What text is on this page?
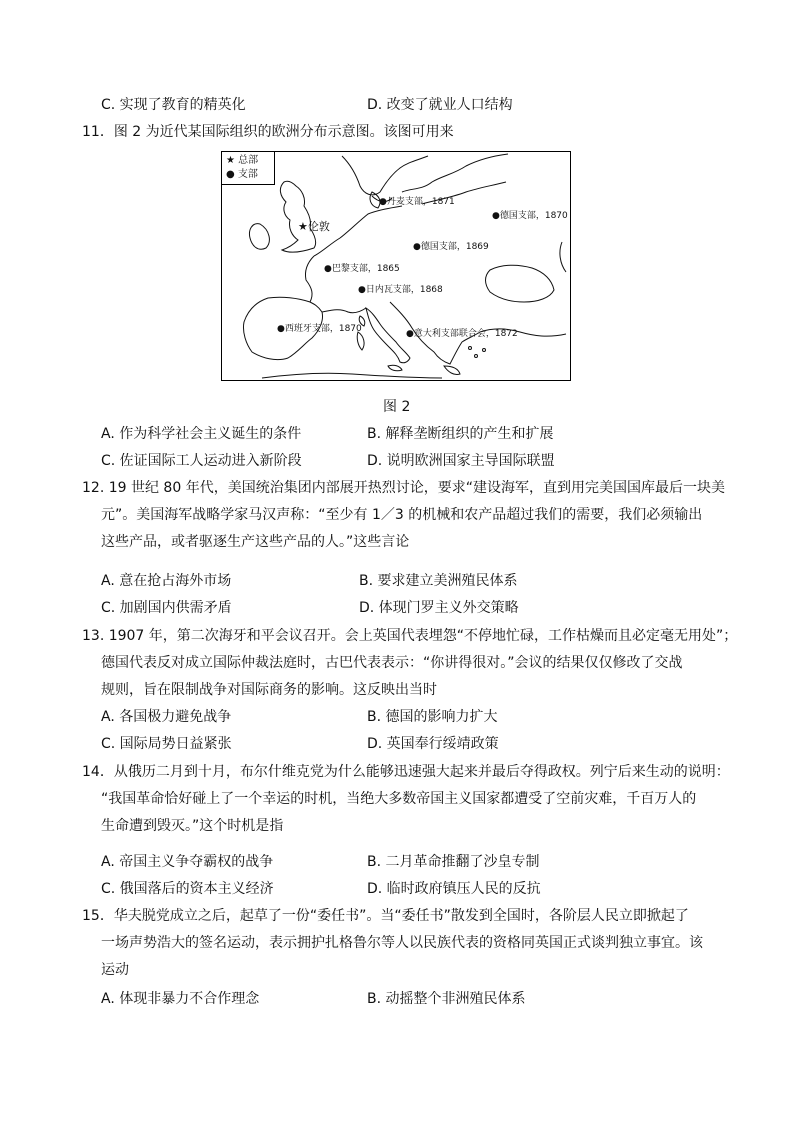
C. 实现了教育的精英化	D. 改变了就业人口结构
11．图 2 为近代某国际组织的欧洲分布示意图。该图可用来
★ 总部
● 支部
★伦敦
●丹麦支部，1871
●德国支部，1870
●德国支部，1869
●巴黎支部，1865
●日内瓦支部，1868
●西班牙支部，1870	●意大利支部联合会，1872
图 2
A. 作为科学社会主义诞生的条件	B. 解释垄断组织的产生和扩展
C. 佐证国际工人运动进入新阶段	D. 说明欧洲国家主导国际联盟
12. 19 世纪 80 年代，美国统治集团内部展开热烈讨论，要求“建设海军，直到用完美国国库最后一块美
元”。美国海军战略学家马汉声称：“至少有 1／3 的机械和农产品超过我们的需要，我们必须输出
这些产品，或者驱逐生产这些产品的人。”这些言论
A. 意在抢占海外市场	B. 要求建立美洲殖民体系
C. 加剧国内供需矛盾	D. 体现门罗主义外交策略
13. 1907 年，第二次海牙和平会议召开。会上英国代表埋怨“不停地忙碌，工作枯燥而且必定毫无用处”；
德国代表反对成立国际仲裁法庭时，古巴代表表示：“你讲得很对。”会议的结果仅仅修改了交战
规则，旨在限制战争对国际商务的影响。这反映出当时
A. 各国极力避免战争	B. 德国的影响力扩大
C. 国际局势日益紧张	D. 英国奉行绥靖政策
14．从俄历二月到十月，布尔什维克党为什么能够迅速强大起来并最后夺得政权。列宁后来生动的说明：
“我国革命恰好碰上了一个幸运的时机，当绝大多数帝国主义国家都遭受了空前灾难，千百万人的
生命遭到毁灭。”这个时机是指
A. 帝国主义争夺霸权的战争	B. 二月革命推翻了沙皇专制
C. 俄国落后的资本主义经济	D. 临时政府镇压人民的反抗
15．华夫脱党成立之后，起草了一份“委任书”。当“委任书”散发到全国时，各阶层人民立即掀起了
一场声势浩大的签名运动，表示拥护扎格鲁尔等人以民族代表的资格同英国正式谈判独立事宜。该
运动
A. 体现非暴力不合作理念	B. 动摇整个非洲殖民体系
